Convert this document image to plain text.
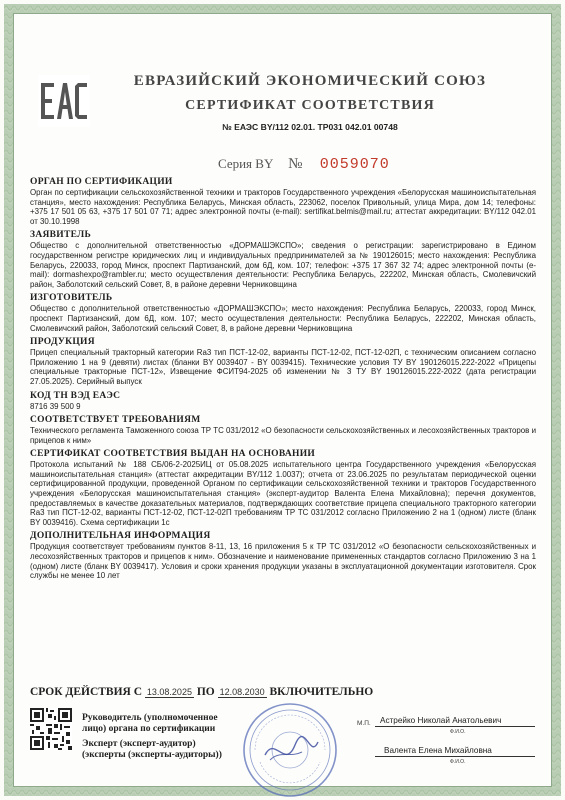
ЕВРАЗИЙСКИЙ ЭКОНОМИЧЕСКИЙ СОЮЗ
СЕРТИФИКАТ СООТВЕТСТВИЯ
№ ЕАЭС BY/112 02.01. ТР031 042.01 00748
Серия BY № 0059070
ОРГАН ПО СЕРТИФИКАЦИИ
Орган по сертификации сельскохозяйственной техники и тракторов Государственного учреждения «Белорусская машиноиспытательная станция», место нахождения: Республика Беларусь, Минская область, 223062, поселок Привольный, улица Мира, дом 14; телефоны: +375 17 501 05 63, +375 17 501 07 71; адрес электронной почты (e-mail): sertifikat.belmis@mail.ru; аттестат аккредитации: BY/112 042.01 от 30.10.1998
ЗАЯВИТЕЛЬ
Общество с дополнительной ответственностью «ДОРМАШЭКСПО»; сведения о регистрации: зарегистрировано в Едином государственном регистре юридических лиц и индивидуальных предпринимателей за № 190126015; место нахождения: Республика Беларусь, 220033, город Минск, проспект Партизанский, дом 6Д, ком. 107; телефон: +375 17 367 32 74; адрес электронной почты (e-mail): dormashexpo@rambler.ru; место осуществления деятельности: Республика Беларусь, 222202, Минская область, Смолевичский район, Заболотский сельский Совет, 8, в районе деревни Черниковщина
ИЗГОТОВИТЕЛЬ
Общество с дополнительной ответственностью «ДОРМАШЭКСПО»; место нахождения: Республика Беларусь, 220033, город Минск, проспект Партизанский, дом 6Д, ком. 107; место осуществления деятельности: Республика Беларусь, 222202, Минская область, Смолевичский район, Заболотский сельский Совет, 8, в районе деревни Черниковщина
ПРОДУКЦИЯ
Прицеп специальный тракторный категории Ra3 тип ПСТ-12-02, варианты ПСТ-12-02, ПСТ-12-02П, с техническим описанием согласно Приложению 1 на 9 (девяти) листах (бланки BY 0039407 - BY 0039415). Технические условия ТУ BY 190126015.222-2022 «Прицепы специальные тракторные ПСТ-12», Извещение ФСИТ94-2025 об изменении № 3 ТУ BY 190126015.222-2022 (дата регистрации 27.05.2025). Серийный выпуск
КОД ТН ВЭД ЕАЭС
8716 39 500 9
СООТВЕТСТВУЕТ ТРЕБОВАНИЯМ
Технического регламента Таможенного союза ТР ТС 031/2012 «О безопасности сельскохозяйственных и лесохозяйственных тракторов и прицепов к ним»
СЕРТИФИКАТ СООТВЕТСТВИЯ ВЫДАН НА ОСНОВАНИИ
Протокола испытаний № 188 СБ/06-2-2025ИЦ от 05.08.2025 испытательного центра Государственного учреждения «Белорусская машиноиспытательная станция» (аттестат аккредитации BY/112 1.0037); отчета от 23.06.2025 по результатам периодической оценки сертифицированной продукции, проведенной Органом по сертификации сельскохозяйственной техники и тракторов Государственного учреждения «Белорусская машиноиспытательная станция» (эксперт-аудитор Валента Елена Михайловна); перечня документов, предоставляемых в качестве доказательных материалов, подтверждающих соответствие прицепа специального тракторного категории Ra3 тип ПСТ-12-02, варианты ПСТ-12-02, ПСТ-12-02П требованиям ТР ТС 031/2012 согласно Приложению 2 на 1 (одном) листе (бланк BY 0039416). Схема сертификации 1с
ДОПОЛНИТЕЛЬНАЯ ИНФОРМАЦИЯ
Продукция соответствует требованиям пунктов 8-11, 13, 16 приложения 5 к ТР ТС 031/2012 «О безопасности сельскохозяйственных и лесохозяйственных тракторов и прицепов к ним». Обозначение и наименование примененных стандартов согласно Приложению 3 на 1 (одном) листе (бланк BY 0039417). Условия и сроки хранения продукции указаны в эксплуатационной документации изготовителя. Срок службы не менее 10 лет
СРОК ДЕЙСТВИЯ С 13.08.2025 ПО 12.08.2030 ВКЛЮЧИТЕЛЬНО
Руководитель (уполномоченное
лицо) органа по сертификации	М.П. Астрейко Николай Анатольевич
Ф.И.О.
Эксперт (эксперт-аудитор)
(эксперты (эксперты-аудиторы))	Валента Елена Михайловна
Ф.И.О.
